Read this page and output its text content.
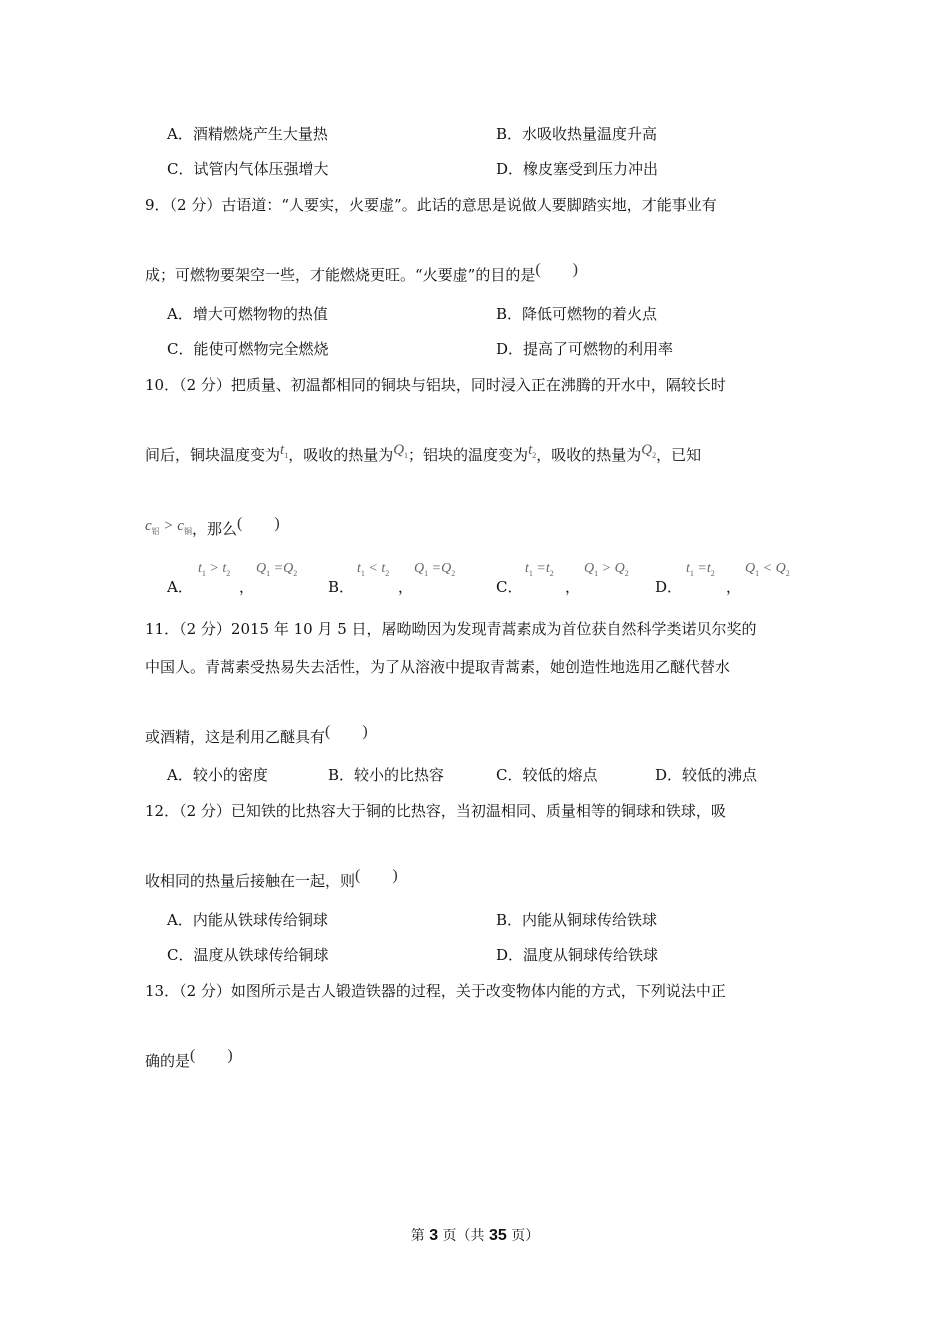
A．酒精燃烧产生大量热	B．水吸收热量温度升高
C．试管内气体压强增大	D．橡皮塞受到压力冲出
9．（2 分）古语道：“人要实，火要虚”。此话的意思是说做人要脚踏实地，才能事业有
成；可燃物要架空一些，才能燃烧更旺。“火要虚”的目的是(　　)
A．增大可燃物物的热值	B．降低可燃物的着火点
C．能使可燃物完全燃烧	D．提高了可燃物的利用率
10．（2 分）把质量、初温都相同的铜块与铝块，同时浸入正在沸腾的开水中，隔较长时
间后，铜块温度变为$t_1$，吸收的热量为$Q_1$；铝块的温度变为$t_2$，吸收的热量为$Q_2$，已知
$c_铝 > c_铜$，那么(　　)
A．
$t_1 > t_2$
，
$Q_1 =Q_2$
B．
$t_1 < t_2$
，
$Q_1 =Q_2$
C．
$t_1 =t_2$
，
$Q_1 > Q_2$
D．
$t_1 =t_2$
，
$Q_1 < Q_2$
11．（2 分）2015 年 10 月 5 日，屠呦呦因为发现青蒿素成为首位获自然科学类诺贝尔奖的
中国人。青蒿素受热易失去活性，为了从溶液中提取青蒿素，她创造性地选用乙醚代替水
或酒精，这是利用乙醚具有(　　)
A．较小的密度	B．较小的比热容	C．较低的熔点	D．较低的沸点
12．（2 分）已知铁的比热容大于铜的比热容，当初温相同、质量相等的铜球和铁球，吸
收相同的热量后接触在一起，则(　　)
A．内能从铁球传给铜球	B．内能从铜球传给铁球
C．温度从铁球传给铜球	D．温度从铜球传给铁球
13．（2 分）如图所示是古人锻造铁器的过程，关于改变物体内能的方式，下列说法中正
确的是(　　)
第 3 页（共 35 页）
